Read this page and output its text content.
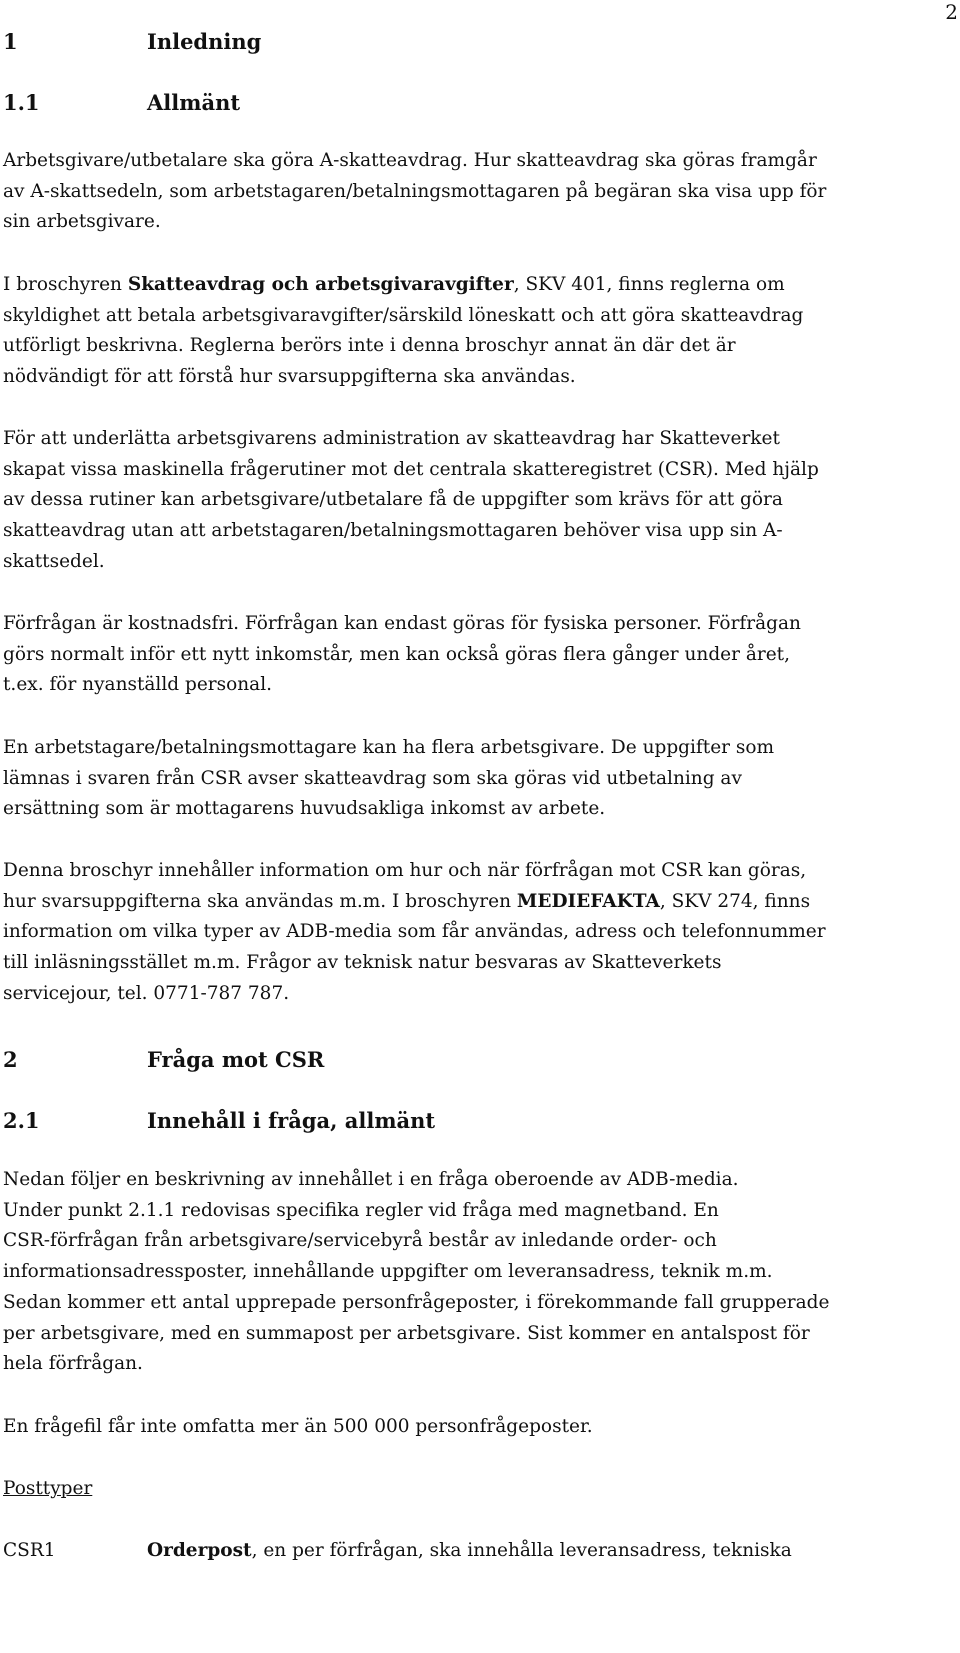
2
1	Inledning
1.1	Allmänt
Arbetsgivare/utbetalare ska göra A-skatteavdrag. Hur skatteavdrag ska göras framgår
av A-skattsedeln, som arbetstagaren/betalningsmottagaren på begäran ska visa upp för
sin arbetsgivare.
I broschyren Skatteavdrag och arbetsgivaravgifter, SKV 401, finns reglerna om
skyldighet att betala arbetsgivaravgifter/särskild löneskatt och att göra skatteavdrag
utförligt beskrivna. Reglerna berörs inte i denna broschyr annat än där det är
nödvändigt för att förstå hur svarsuppgifterna ska användas.
För att underlätta arbetsgivarens administration av skatteavdrag har Skatteverket
skapat vissa maskinella frågerutiner mot det centrala skatteregistret (CSR). Med hjälp
av dessa rutiner kan arbetsgivare/utbetalare få de uppgifter som krävs för att göra
skatteavdrag utan att arbetstagaren/betalningsmottagaren behöver visa upp sin A-
skattsedel.
Förfrågan är kostnadsfri. Förfrågan kan endast göras för fysiska personer. Förfrågan
görs normalt inför ett nytt inkomstår, men kan också göras flera gånger under året,
t.ex. för nyanställd personal.
En arbetstagare/betalningsmottagare kan ha flera arbetsgivare. De uppgifter som
lämnas i svaren från CSR avser skatteavdrag som ska göras vid utbetalning av
ersättning som är mottagarens huvudsakliga inkomst av arbete.
Denna broschyr innehåller information om hur och när förfrågan mot CSR kan göras,
hur svarsuppgifterna ska användas m.m. I broschyren MEDIEFAKTA, SKV 274, finns
information om vilka typer av ADB-media som får användas, adress och telefonnummer
till inläsningsstället m.m. Frågor av teknisk natur besvaras av Skatteverkets
servicejour, tel. 0771-787 787.
2	Fråga mot CSR
2.1	Innehåll i fråga, allmänt
Nedan följer en beskrivning av innehållet i en fråga oberoende av ADB-media.
Under punkt 2.1.1 redovisas specifika regler vid fråga med magnetband. En
CSR-förfrågan från arbetsgivare/servicebyrå består av inledande order- och
informationsadressposter, innehållande uppgifter om leveransadress, teknik m.m.
Sedan kommer ett antal upprepade personfrågeposter, i förekommande fall grupperade
per arbetsgivare, med en summapost per arbetsgivare. Sist kommer en antalspost för
hela förfrågan.
En frågefil får inte omfatta mer än 500 000 personfrågeposter.
Posttyper
CSR1	Orderpost, en per förfrågan, ska innehålla leveransadress, tekniska
